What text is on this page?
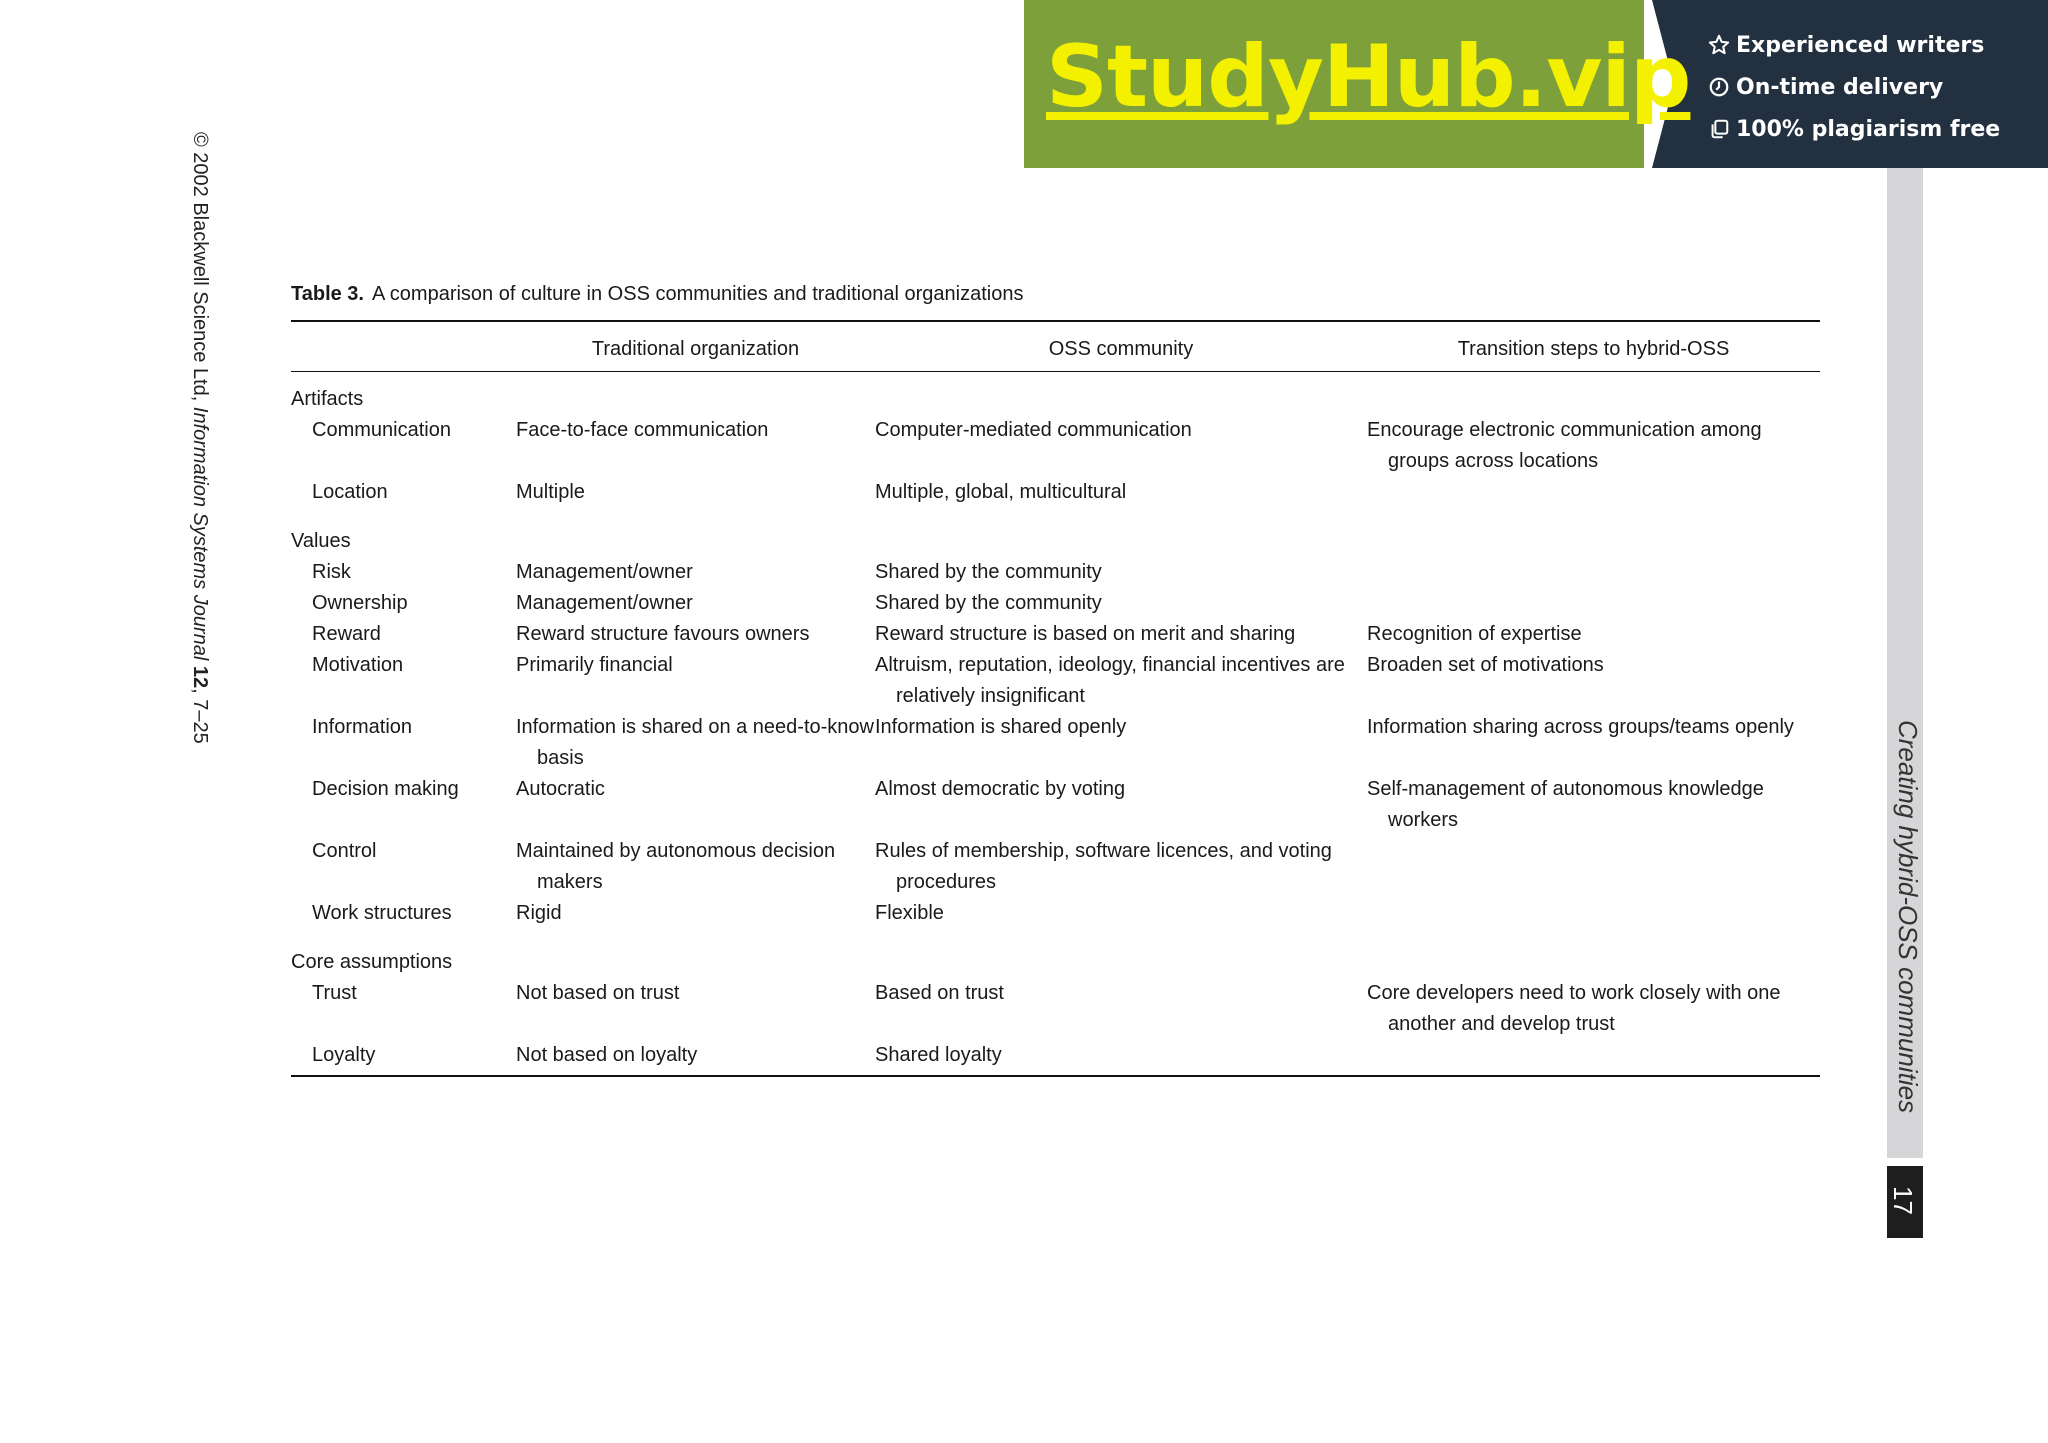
StudyHub.vip Experienced writers
On-time delivery
100% plagiarism free
© 2002 Blackwell Science Ltd, Information Systems Journal 12, 7–25
Creating hybrid-OSS communities
17
Table 3. A comparison of culture in OSS communities and traditional organizations
	Traditional organization	OSS community	Transition steps to hybrid-OSS
Artifacts			
Communication	Face-to-face communication	Computer-mediated communication	Encourage electronic communication among groups across locations

Location	Multiple	Multiple, global, multicultural	

Values			
Risk	Management/owner	Shared by the community	

Ownership	Management/owner	Shared by the community	

Reward	Reward structure favours owners	Reward structure is based on merit and sharing	Recognition of expertise

Motivation	Primarily financial	Altruism, reputation, ideology, financial incentives are relatively insignificant	Broaden set of motivations

Information	Information is shared on a need-to-know basis	Information is shared openly	Information sharing across groups/teams openly

Decision making	Autocratic	Almost democratic by voting	Self-management of autonomous knowledge workers

Control	Maintained by autonomous decision makers	Rules of membership, software licences, and voting procedures	

Work structures	Rigid	Flexible	

Core assumptions			
Trust	Not based on trust	Based on trust	Core developers need to work closely with one another and develop trust

Loyalty	Not based on loyalty	Shared loyalty	
